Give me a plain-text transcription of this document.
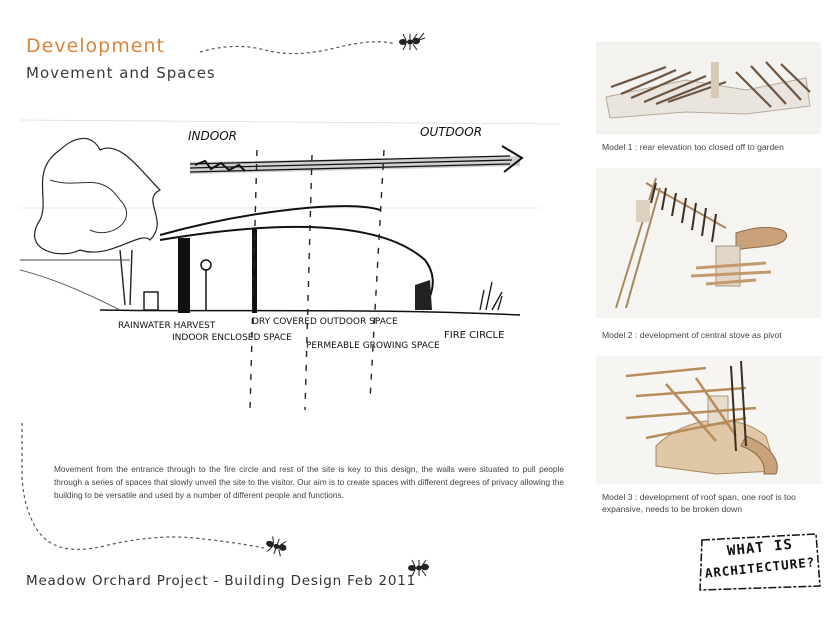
Development
Movement and Spaces
INDOOR	OUTDOOR
RAINWATER HARVEST
INDOOR ENCLOSED SPACE
DRY COVERED OUTDOOR SPACE
PERMEABLE GROWING SPACE
FIRE CIRCLE
Movement from the entrance through to the fire circle and rest of the site is key to this design, the walls were situated to pull people through a series of spaces that slowly unveil the site to the visitor. Our aim is to create spaces with different degrees of privacy allowing the building to be versatile and used by a number of different people and functions.
Meadow Orchard Project - Building Design Feb 2011
Model 1 : rear elevation too closed off to garden
Model 2 : development of central stove as pivot
Model 3 : development of roof span, one roof is too expansive, needs to be broken down
WHAT IS
ARCHITECTURE?
